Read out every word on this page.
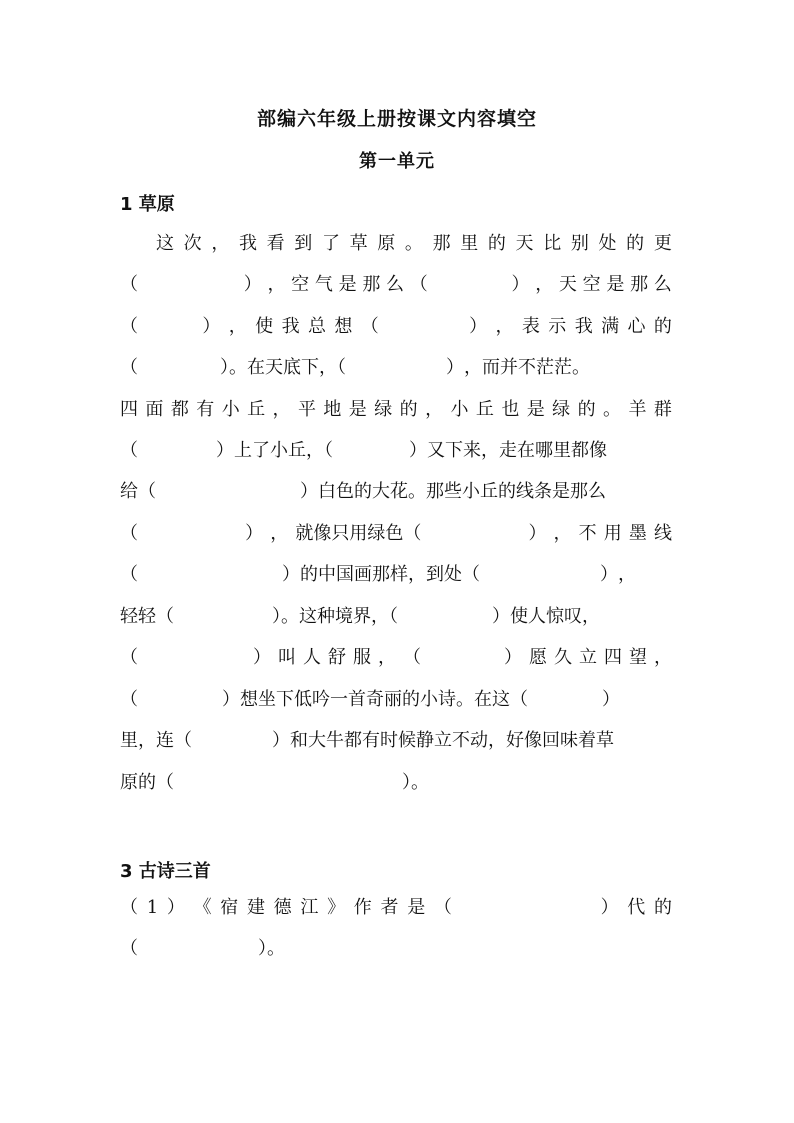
部编六年级上册按课文内容填空
第一单元
1 草原
这 次 ， 我 看 到 了 草 原 。 那 里 的 天 比 别 处 的 更
（	） ， 空 气 是 那 么 （	） ， 天 空 是 那 么
（	） ， 使 我 总 想 （	） ， 表 示 我 满 心 的
（	）。在天底下，（	） ， 而 并 不 茫 茫 。
四 面 都 有 小 丘 ， 平 地 是 绿 的 ， 小 丘 也 是 绿 的 。 羊 群
（	）上了小丘，（	）又下来，走在哪里都像
给（	）白色的大花。那些小丘的线条是那么
（	） ， 就像只用绿色（	） ， 不 用 墨 线
（	）的中国画那样，到处（	） ，
轻轻（	）。这种境界，（	）使人惊叹，
（	） 叫 人 舒 服 ， （	） 愿 久 立 四 望 ，
（	）想坐下低吟一首奇丽的小诗。在这（	）
里，连（	）和大牛都有时候静立不动，好像回味着草
原的（	）。
3 古诗三首
（ 1 ） 《 宿 建 德 江 》 作 者 是 （	） 代 的
（	）。
